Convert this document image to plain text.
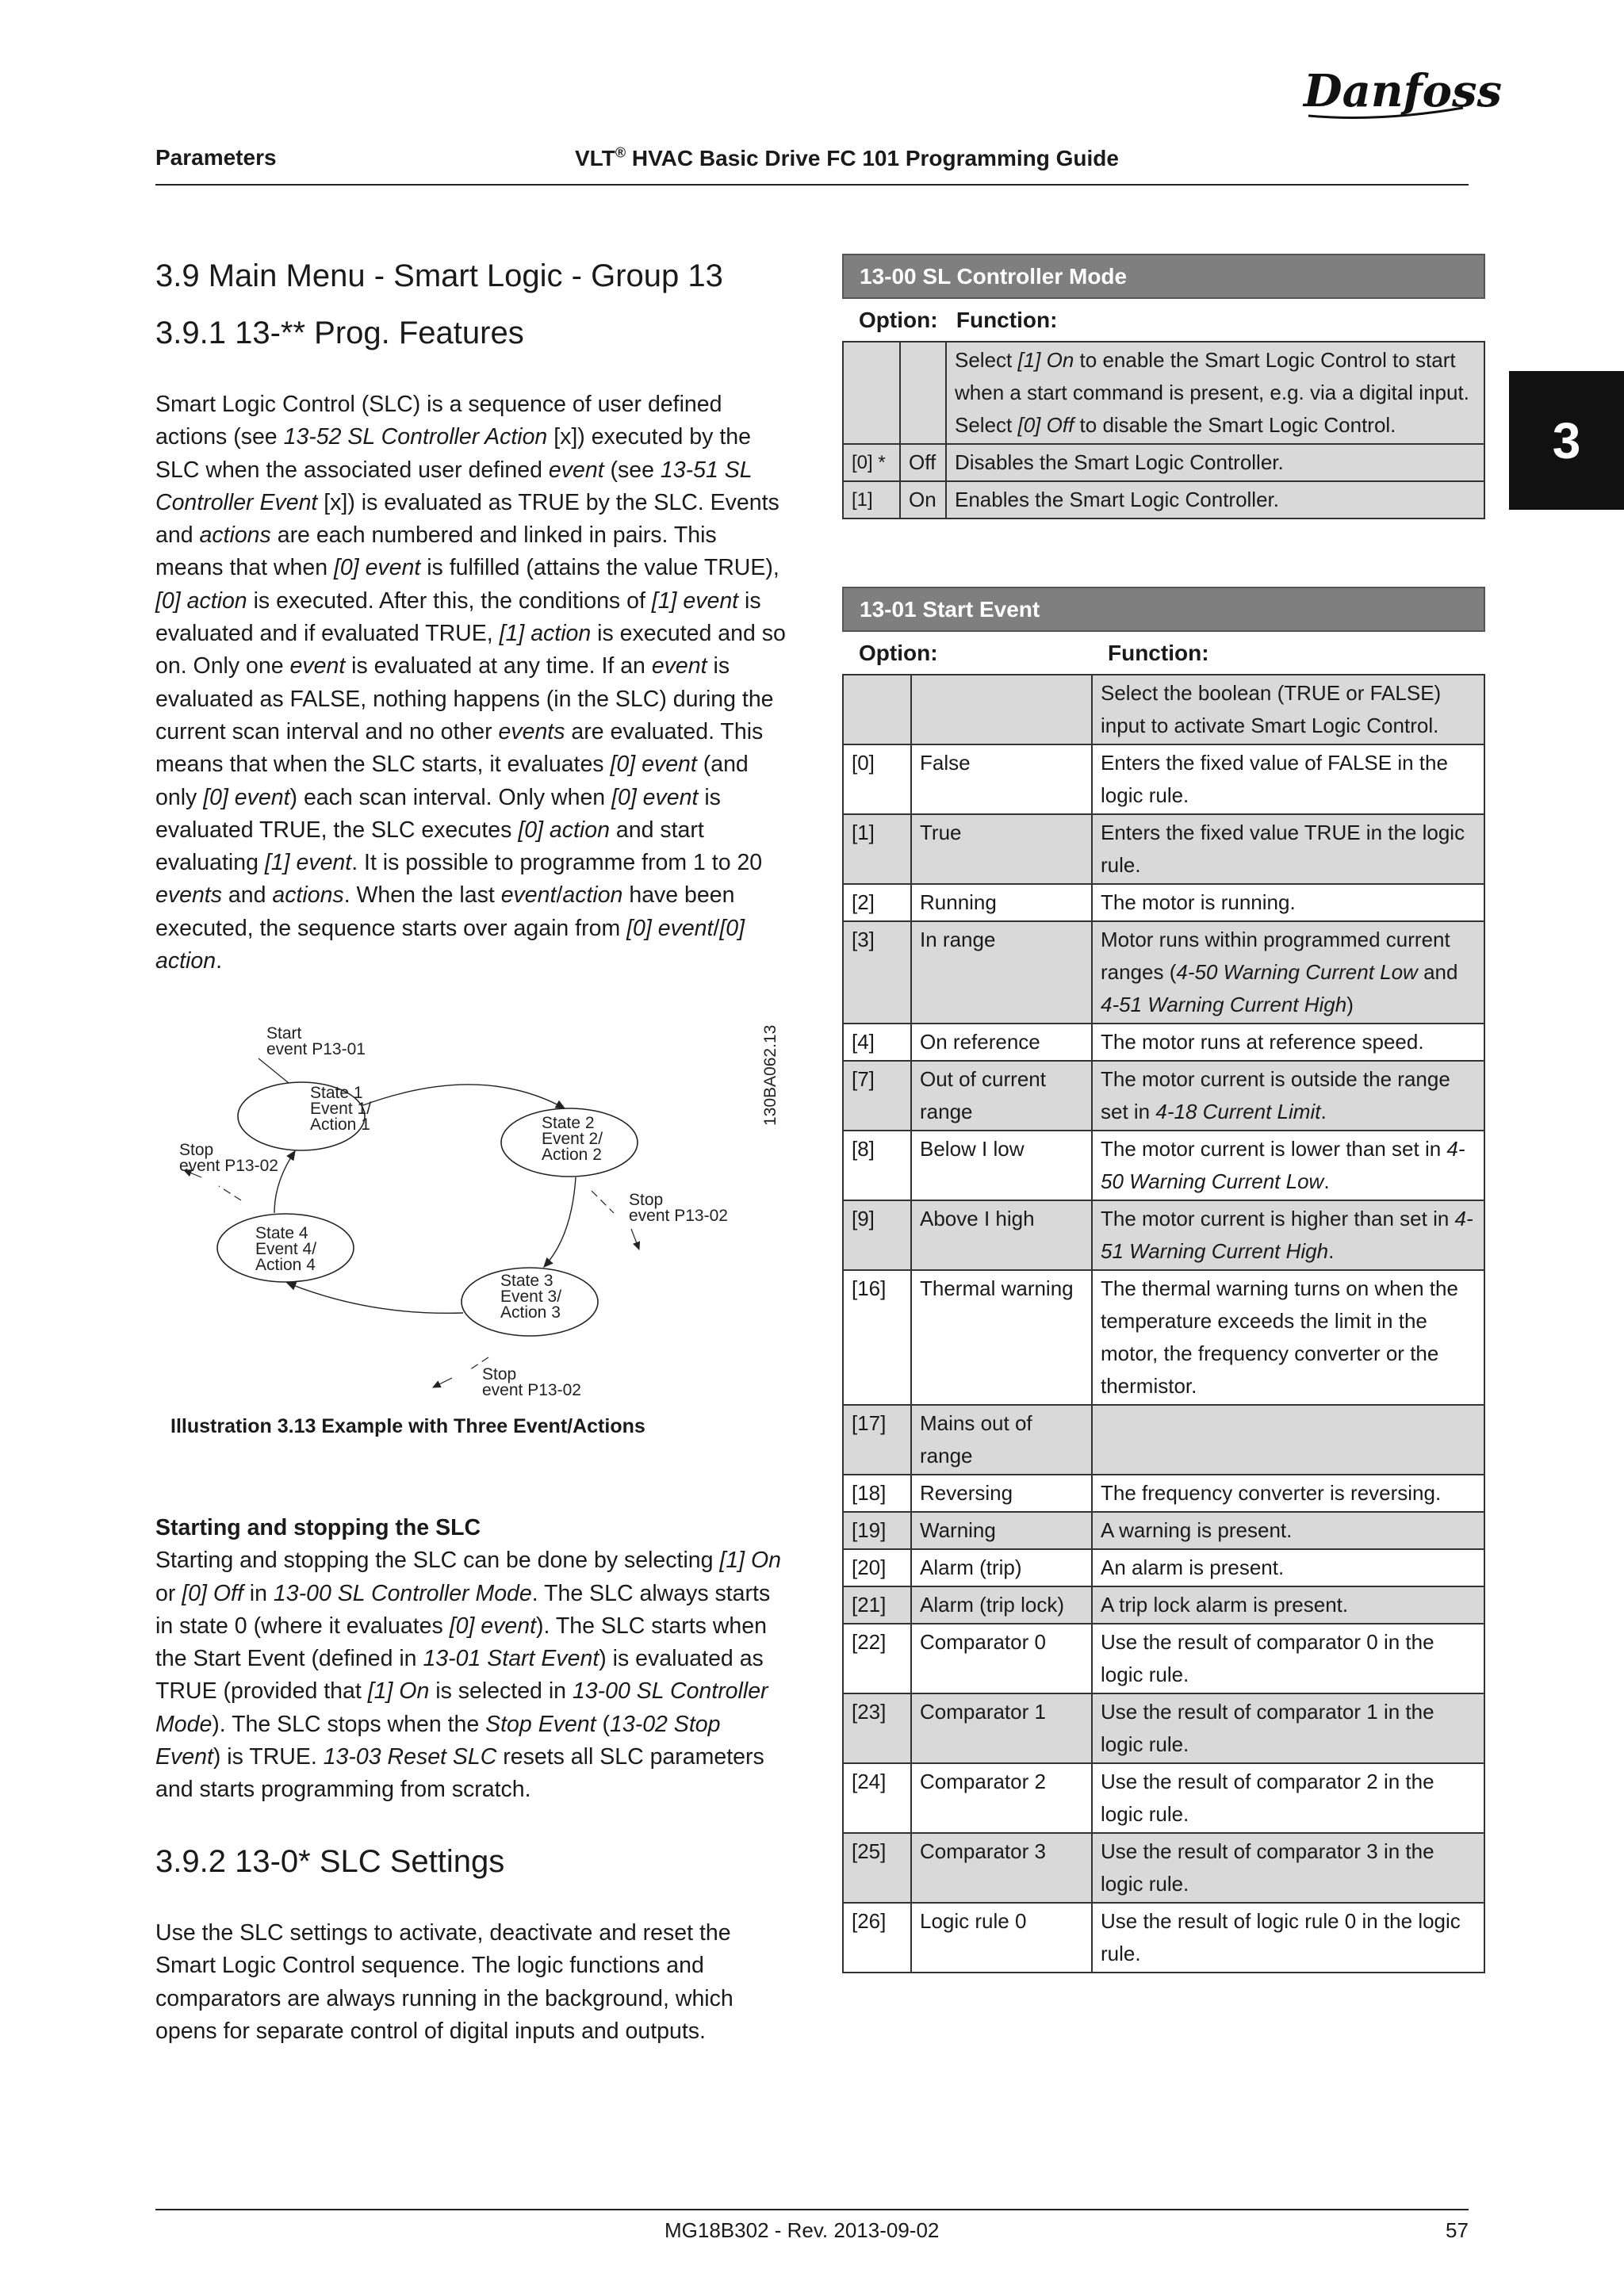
Danfoss
Parameters	VLT® HVAC Basic Drive FC 101 Programming Guide
3
3.9 Main Menu - Smart Logic - Group 13
3.9.1 13-** Prog. Features

Smart Logic Control (SLC) is a sequence of user defined actions (see 13-52 SL Controller Action [x]) executed by the SLC when the associated user defined event (see 13-51 SL Controller Event [x]) is evaluated as TRUE by the SLC. Events and actions are each numbered and linked in pairs. This means that when [0] event is fulfilled (attains the value TRUE), [0] action is executed. After this, the conditions of [1] event is evaluated and if evaluated TRUE, [1] action is executed and so on. Only one event is evaluated at any time. If an event is evaluated as FALSE, nothing happens (in the SLC) during the current scan interval and no other events are evaluated. This means that when the SLC starts, it evaluates [0] event (and only [0] event) each scan interval. Only when [0] event is evaluated TRUE, the SLC executes [0] action and start evaluating [1] event. It is possible to programme from 1 to 20 events and actions. When the last event/action have been executed, the sequence starts over again from [0] event/[0] action.

Start
event P13-01
State 1
Event 1/
Action 1	State 2
Event 2/
Action 2
State 3
Event 3/
Action 3
State 4
Event 4/
Action 4
Stop
event P13-02
Stop
event P13-02
Stop
event P13-02
130BA062.13
Illustration 3.13 Example with Three Event/Actions

Starting and stopping the SLC

Starting and stopping the SLC can be done by selecting [1] On or [0] Off in 13-00 SL Controller Mode. The SLC always starts in state 0 (where it evaluates [0] event). The SLC starts when the Start Event (defined in 13-01 Start Event) is evaluated as TRUE (provided that [1] On is selected in 13-00 SL Controller Mode). The SLC stops when the Stop Event (13-02 Stop Event) is TRUE. 13-03 Reset SLC resets all SLC parameters and starts programming from scratch.

3.9.2 13-0* SLC Settings

Use the SLC settings to activate, deactivate and reset the Smart Logic Control sequence. The logic functions and comparators are always running in the background, which opens for separate control of digital inputs and outputs.

13-00 SL Controller Mode		
Option: Function:		
		Select [1] On to enable the Smart Logic Control to start when a start command is present, e.g. via a digital input. Select [0] Off to disable the Smart Logic Control.
[0] *	Off	Disables the Smart Logic Controller.
[1]	On	Enables the Smart Logic Controller.
13-01 Start Event		
Option:		Function:
		Select the boolean (TRUE or FALSE) input to activate Smart Logic Control.
[0]	False	Enters the fixed value of FALSE in the logic rule.
[1]	True	Enters the fixed value TRUE in the logic rule.
[2]	Running	The motor is running.
[3]	In range	Motor runs within programmed current ranges (4-50 Warning Current Low and 4-51 Warning Current High)
[4]	On reference	The motor runs at reference speed.
[7]	Out of current range	The motor current is outside the range set in 4-18 Current Limit.
[8]	Below I low	The motor current is lower than set in 4-50 Warning Current Low.
[9]	Above I high	The motor current is higher than set in 4-51 Warning Current High.
[16]	Thermal warning	The thermal warning turns on when the temperature exceeds the limit in the motor, the frequency converter or the thermistor.
[17]	Mains out of range	
[18]	Reversing	The frequency converter is reversing.
[19]	Warning	A warning is present.
[20]	Alarm (trip)	An alarm is present.
[21]	Alarm (trip lock)	A trip lock alarm is present.
[22]	Comparator 0	Use the result of comparator 0 in the logic rule.
[23]	Comparator 1	Use the result of comparator 1 in the logic rule.
[24]	Comparator 2	Use the result of comparator 2 in the logic rule.
[25]	Comparator 3	Use the result of comparator 3 in the logic rule.
[26]	Logic rule 0	Use the result of logic rule 0 in the logic rule.
MG18B302 - Rev. 2013-09-02	57
